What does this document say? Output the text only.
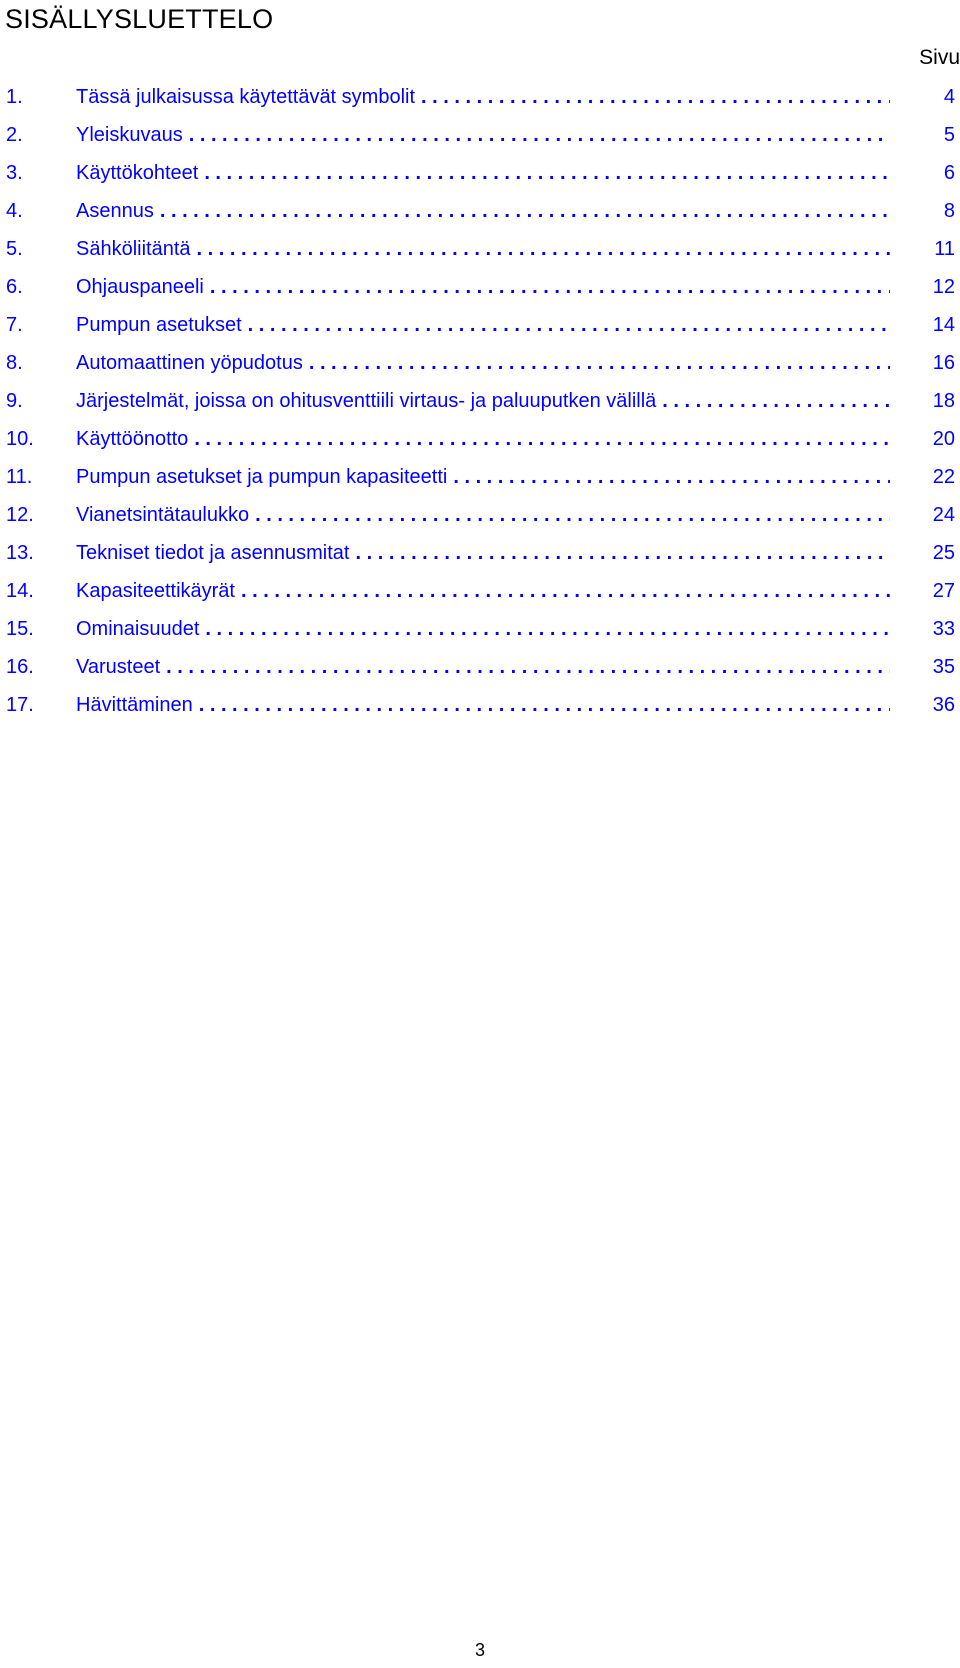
SISÄLLYSLUETTELO
Sivu
1.	Tässä julkaisussa käytettävät symbolit . . .	4
2.	Yleiskuvaus . . .	5
3.	Käyttökohteet . . .	6
4.	Asennus . . .	8
5.	Sähköliitäntä . . .	11
6.	Ohjauspaneeli . . .	12
7.	Pumpun asetukset . . .	14
8.	Automaattinen yöpudotus . . .	16
9.	Järjestelmät, joissa on ohitusventtiili virtaus- ja paluuputken välillä . . .	18
10.	Käyttöönotto . . .	20
11.	Pumpun asetukset ja pumpun kapasiteetti . . .	22
12.	Vianetsintätaulukko . . .	24
13.	Tekniset tiedot ja asennusmitat . . .	25
14.	Kapasiteettikäyrät . . .	27
15.	Ominaisuudet . . .	33
16.	Varusteet . . .	35
17.	Hävittäminen . . .	36
3
